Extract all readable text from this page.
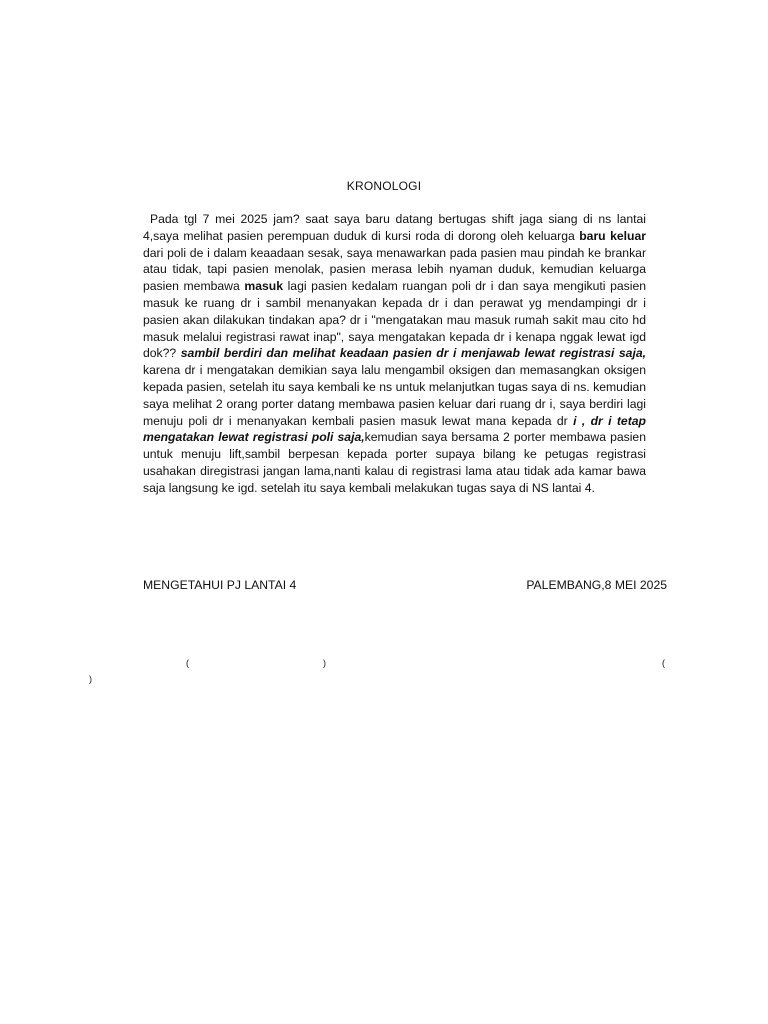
KRONOLOGI

Pada tgl 7 mei 2025 jam? saat saya baru datang bertugas shift jaga siang di ns lantai 4,saya melihat pasien perempuan duduk di kursi roda di dorong oleh keluarga baru keluar dari poli de i dalam keaadaan sesak, saya menawarkan pada pasien mau pindah ke brankar atau tidak, tapi pasien menolak, pasien merasa lebih nyaman duduk, kemudian keluarga pasien membawa masuk lagi pasien kedalam ruangan poli dr i dan saya mengikuti pasien masuk ke ruang dr i sambil menanyakan kepada dr i dan perawat yg mendampingi dr i pasien akan dilakukan tindakan apa? dr i "mengatakan mau masuk rumah sakit mau cito hd masuk melalui registrasi rawat inap", saya mengatakan kepada dr i kenapa nggak lewat igd dok?? sambil berdiri dan melihat keadaan pasien dr i menjawab lewat registrasi saja, karena dr i mengatakan demikian saya lalu mengambil oksigen dan memasangkan oksigen kepada pasien, setelah itu saya kembali ke ns untuk melanjutkan tugas saya di ns. kemudian saya melihat 2 orang porter datang membawa pasien keluar dari ruang dr i, saya berdiri lagi menuju poli dr i menanyakan kembali pasien masuk lewat mana kepada dr i , dr i tetap mengatakan lewat registrasi poli saja,kemudian saya bersama 2 porter membawa pasien untuk menuju lift,sambil berpesan kepada porter supaya bilang ke petugas registrasi usahakan diregistrasi jangan lama,nanti kalau di registrasi lama atau tidak ada kamar bawa saja langsung ke igd. setelah itu saya kembali melakukan tugas saya di NS lantai 4.

MENGETAHUI PJ LANTAI 4	PALEMBANG,8 MEI 2025
(	)	(
)
